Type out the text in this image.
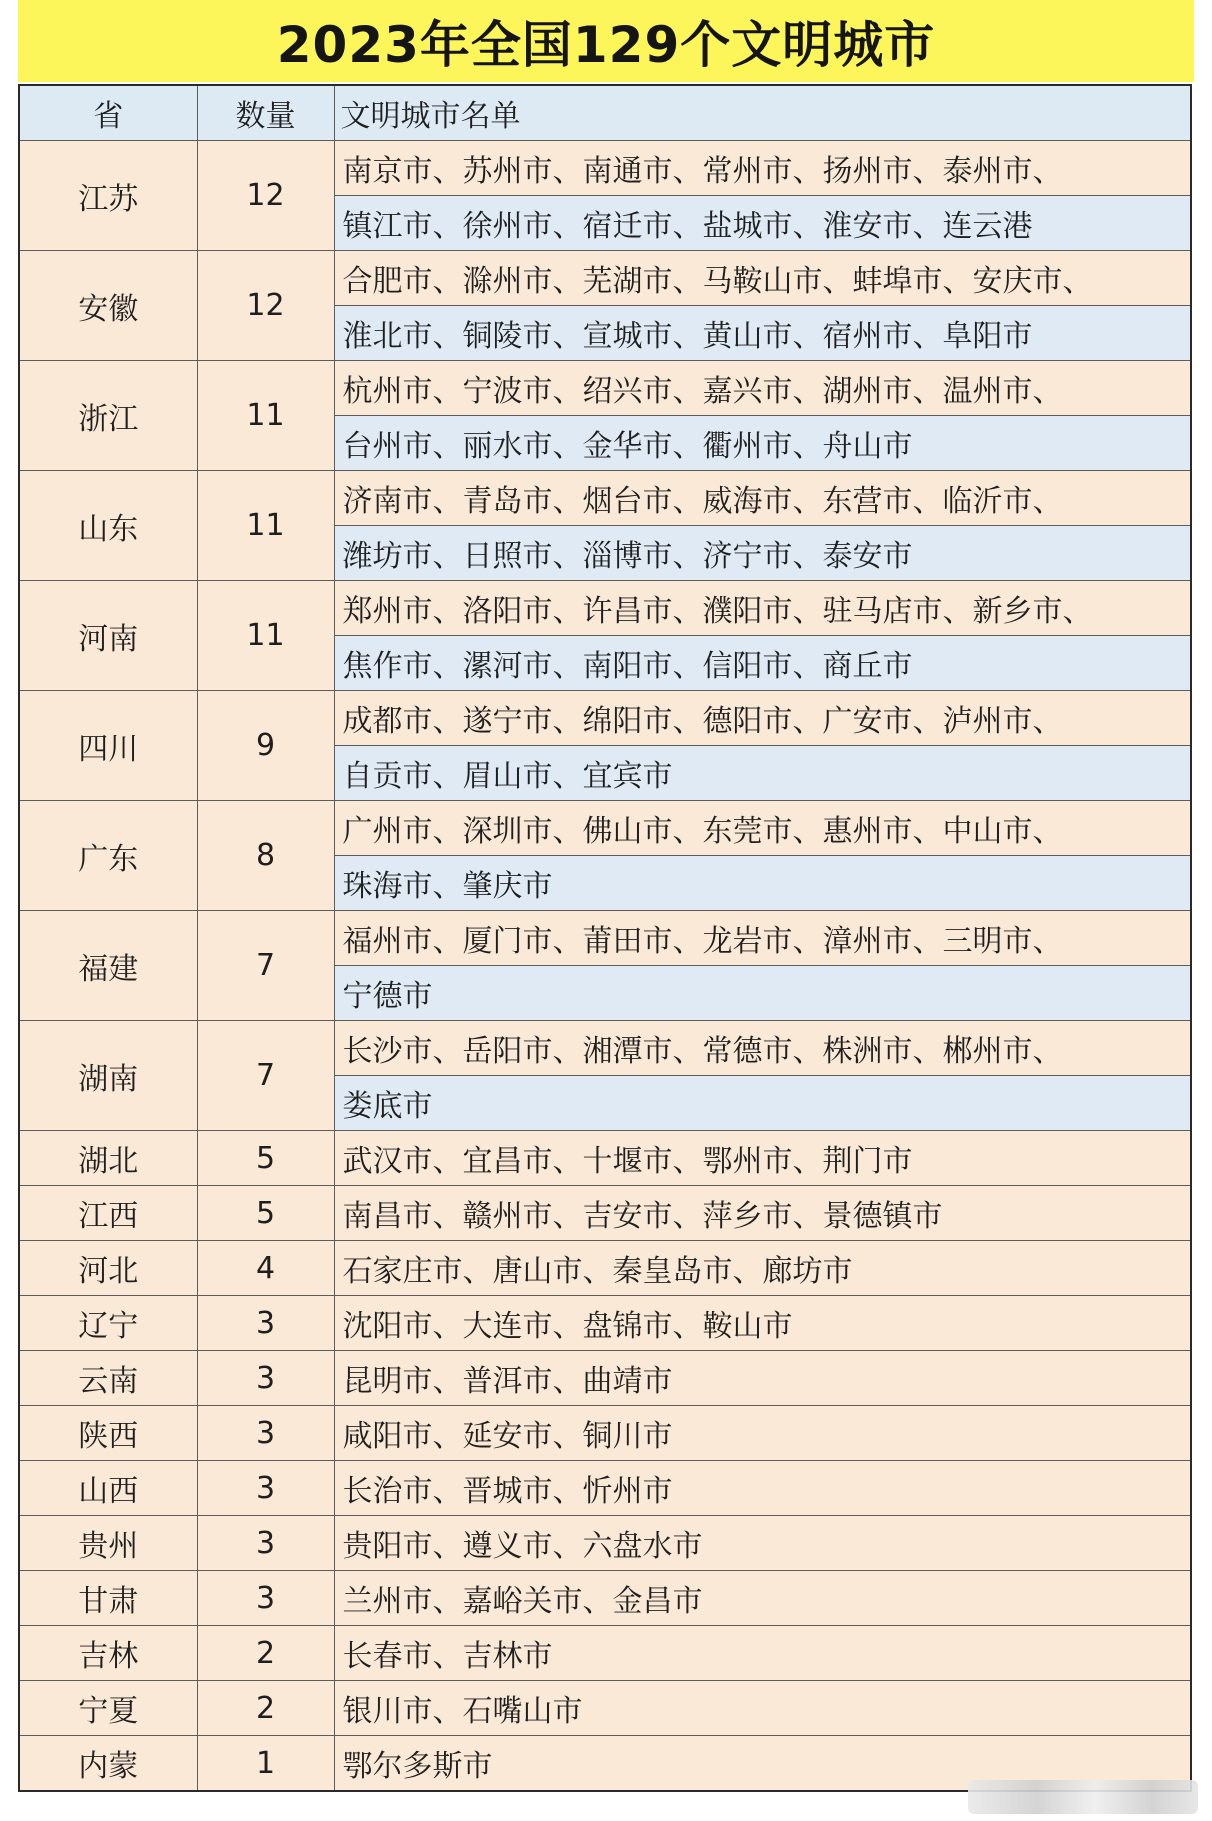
2023年全国129个文明城市
省	数量	文明城市名单
江苏	12	南京市、苏州市、南通市、常州市、扬州市、泰州市、
		镇江市、徐州市、宿迁市、盐城市、淮安市、连云港
安徽	12	合肥市、滁州市、芜湖市、马鞍山市、蚌埠市、安庆市、
		淮北市、铜陵市、宣城市、黄山市、宿州市、阜阳市
浙江	11	杭州市、宁波市、绍兴市、嘉兴市、湖州市、温州市、
		台州市、丽水市、金华市、衢州市、舟山市
山东	11	济南市、青岛市、烟台市、威海市、东营市、临沂市、
		潍坊市、日照市、淄博市、济宁市、泰安市
河南	11	郑州市、洛阳市、许昌市、濮阳市、驻马店市、新乡市、
		焦作市、漯河市、南阳市、信阳市、商丘市
四川	9	成都市、遂宁市、绵阳市、德阳市、广安市、泸州市、
		自贡市、眉山市、宜宾市
广东	8	广州市、深圳市、佛山市、东莞市、惠州市、中山市、
		珠海市、肇庆市
福建	7	福州市、厦门市、莆田市、龙岩市、漳州市、三明市、
		宁德市
湖南	7	长沙市、岳阳市、湘潭市、常德市、株洲市、郴州市、
		娄底市
湖北	5	武汉市、宜昌市、十堰市、鄂州市、荆门市
江西	5	南昌市、赣州市、吉安市、萍乡市、景德镇市
河北	4	石家庄市、唐山市、秦皇岛市、廊坊市
辽宁	3	沈阳市、大连市、盘锦市、鞍山市
云南	3	昆明市、普洱市、曲靖市
陕西	3	咸阳市、延安市、铜川市
山西	3	长治市、晋城市、忻州市
贵州	3	贵阳市、遵义市、六盘水市
甘肃	3	兰州市、嘉峪关市、金昌市
吉林	2	长春市、吉林市
宁夏	2	银川市、石嘴山市
内蒙	1	鄂尔多斯市
